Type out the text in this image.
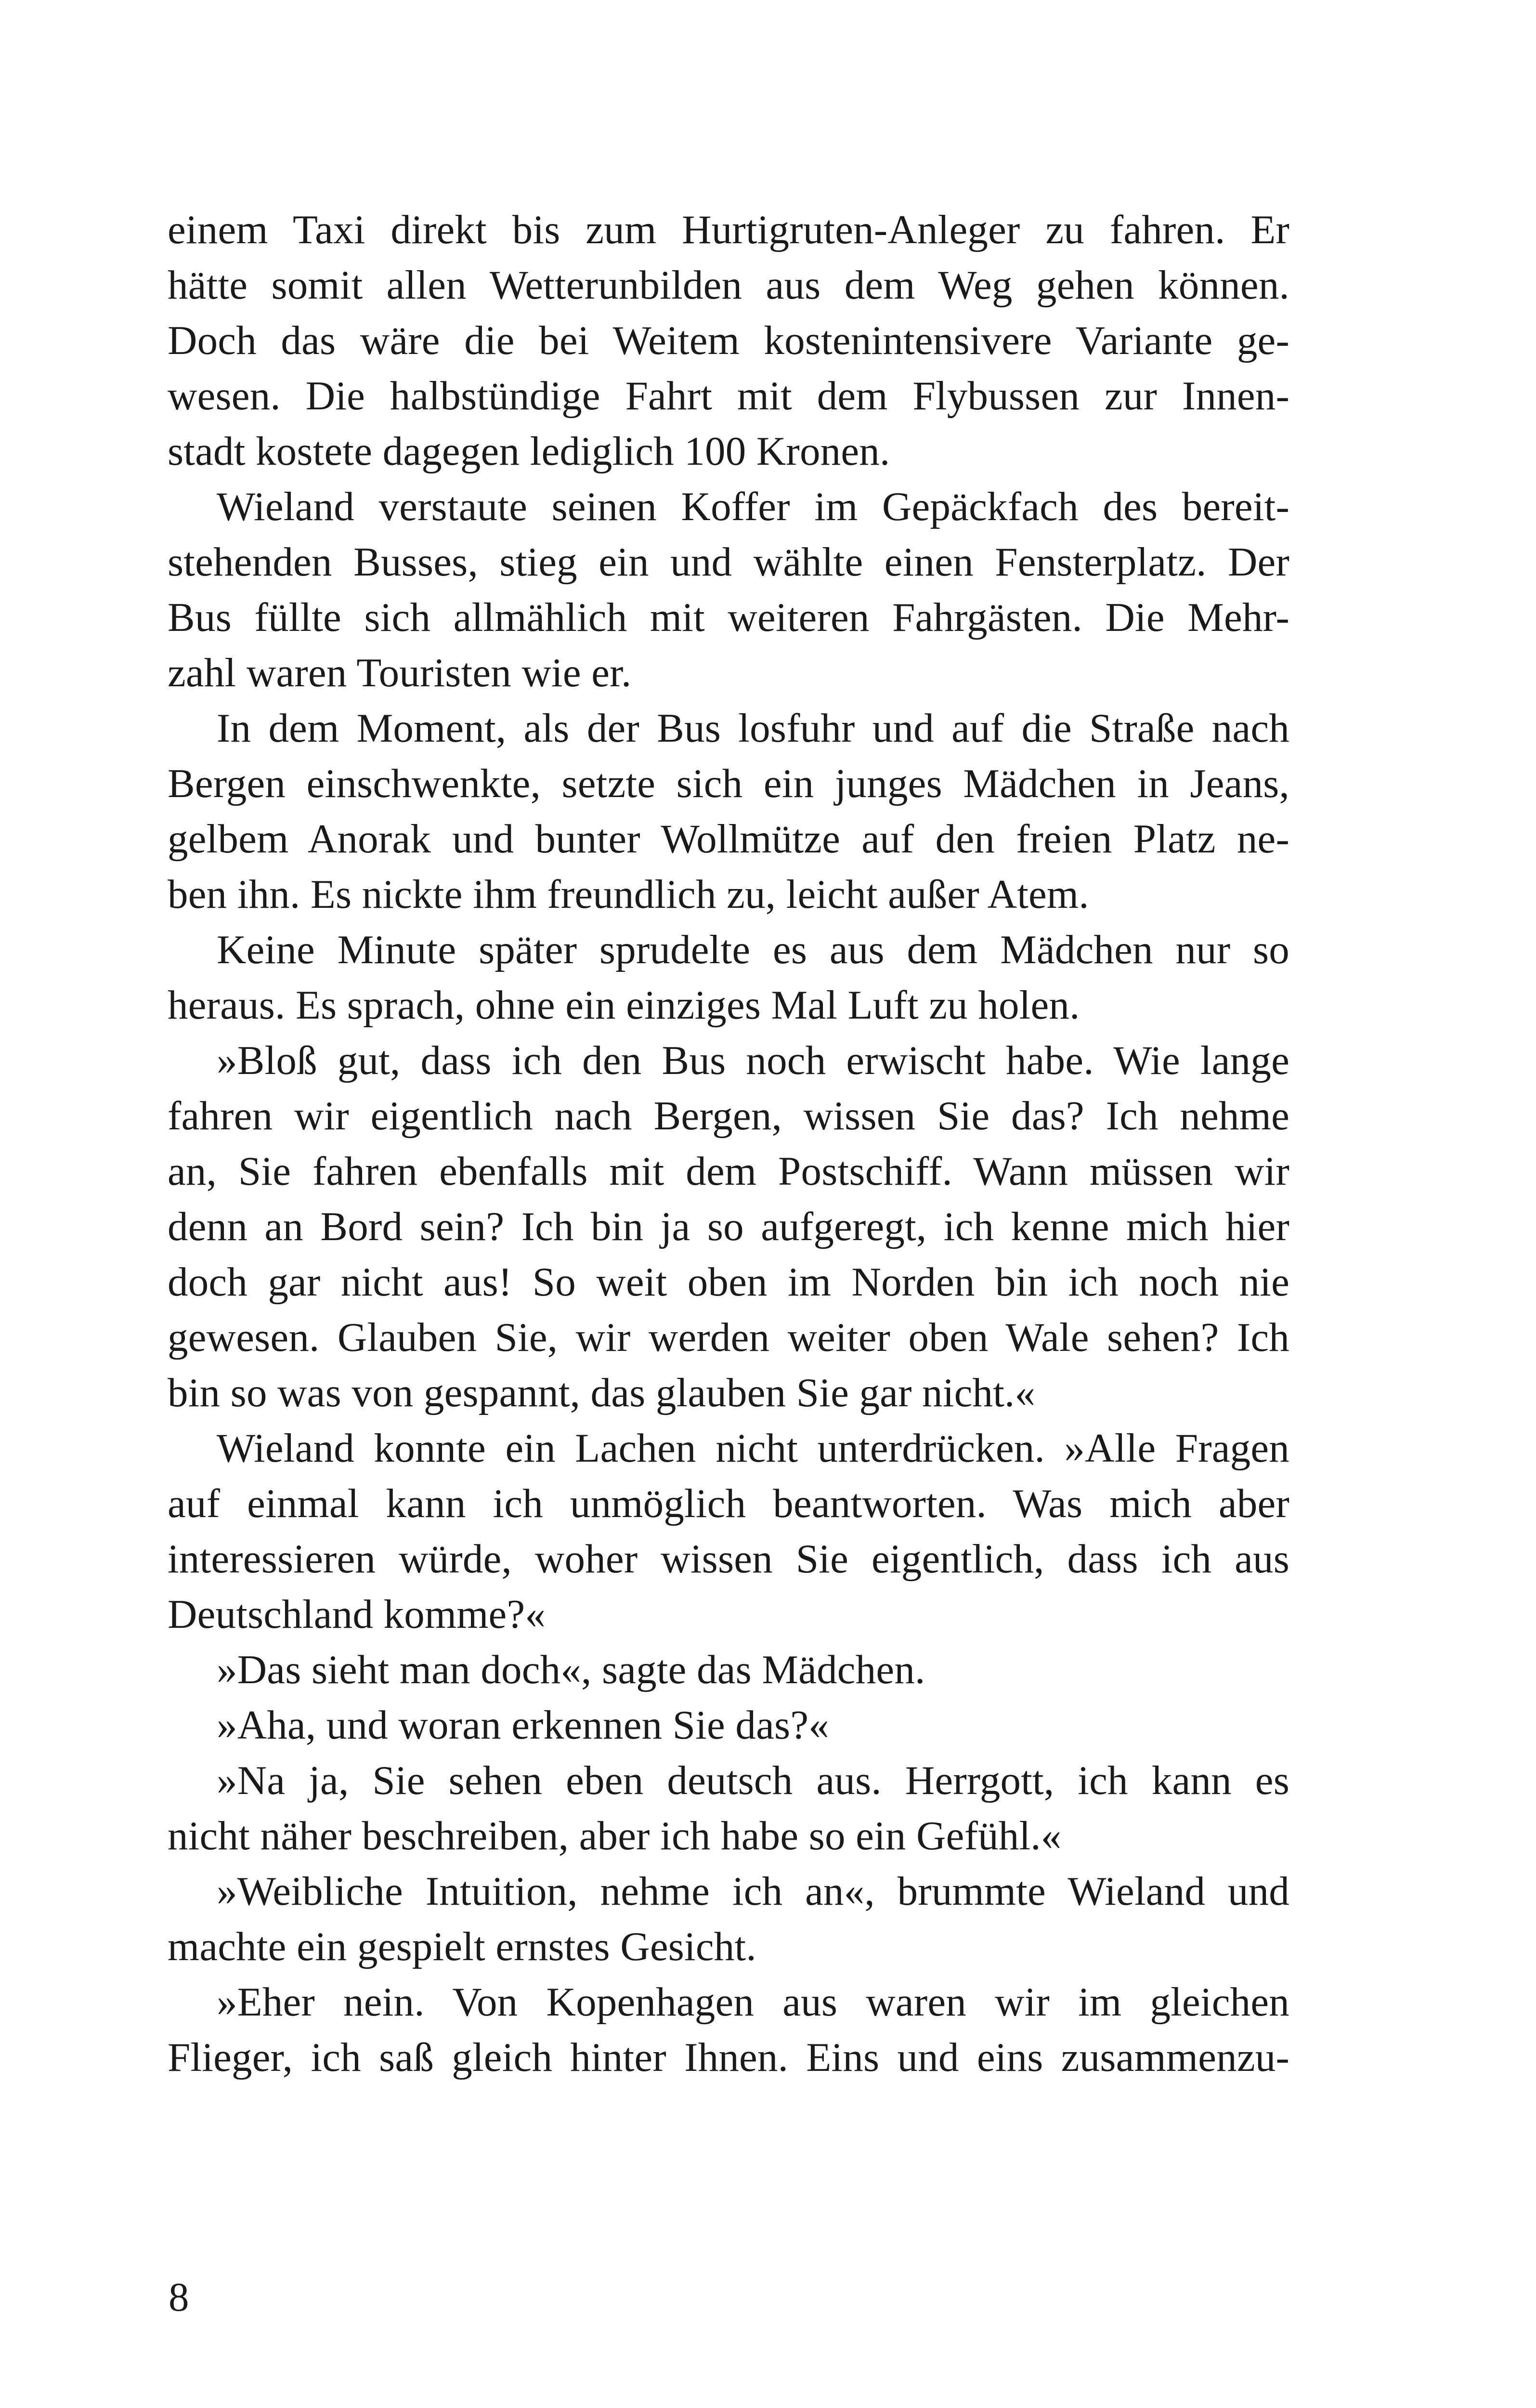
einem Taxi direkt bis zum Hurtigruten-Anleger zu fahren. Er
hätte somit allen Wetterunbilden aus dem Weg gehen können.
Doch das wäre die bei Weitem kostenintensivere Variante ge-
wesen. Die halbstündige Fahrt mit dem Flybussen zur Innen-
stadt kostete dagegen lediglich 100 Kronen.
Wieland verstaute seinen Koffer im Gepäckfach des bereit-
stehenden Busses, stieg ein und wählte einen Fensterplatz. Der
Bus füllte sich allmählich mit weiteren Fahrgästen. Die Mehr-
zahl waren Touristen wie er.
In dem Moment, als der Bus losfuhr und auf die Straße nach
Bergen einschwenkte, setzte sich ein junges Mädchen in Jeans,
gelbem Anorak und bunter Wollmütze auf den freien Platz ne-
ben ihn. Es nickte ihm freundlich zu, leicht außer Atem.
Keine Minute später sprudelte es aus dem Mädchen nur so
heraus. Es sprach, ohne ein einziges Mal Luft zu holen.
»Bloß gut, dass ich den Bus noch erwischt habe. Wie lange
fahren wir eigentlich nach Bergen, wissen Sie das? Ich nehme
an, Sie fahren ebenfalls mit dem Postschiff. Wann müssen wir
denn an Bord sein? Ich bin ja so aufgeregt, ich kenne mich hier
doch gar nicht aus! So weit oben im Norden bin ich noch nie
gewesen. Glauben Sie, wir werden weiter oben Wale sehen? Ich
bin so was von gespannt, das glauben Sie gar nicht.«
Wieland konnte ein Lachen nicht unterdrücken. »Alle Fragen
auf einmal kann ich unmöglich beantworten. Was mich aber
interessieren würde, woher wissen Sie eigentlich, dass ich aus
Deutschland komme?«
»Das sieht man doch«, sagte das Mädchen.
»Aha, und woran erkennen Sie das?«
»Na ja, Sie sehen eben deutsch aus. Herrgott, ich kann es
nicht näher beschreiben, aber ich habe so ein Gefühl.«
»Weibliche Intuition, nehme ich an«, brummte Wieland und
machte ein gespielt ernstes Gesicht.
»Eher nein. Von Kopenhagen aus waren wir im gleichen
Flieger, ich saß gleich hinter Ihnen. Eins und eins zusammenzu-

8
